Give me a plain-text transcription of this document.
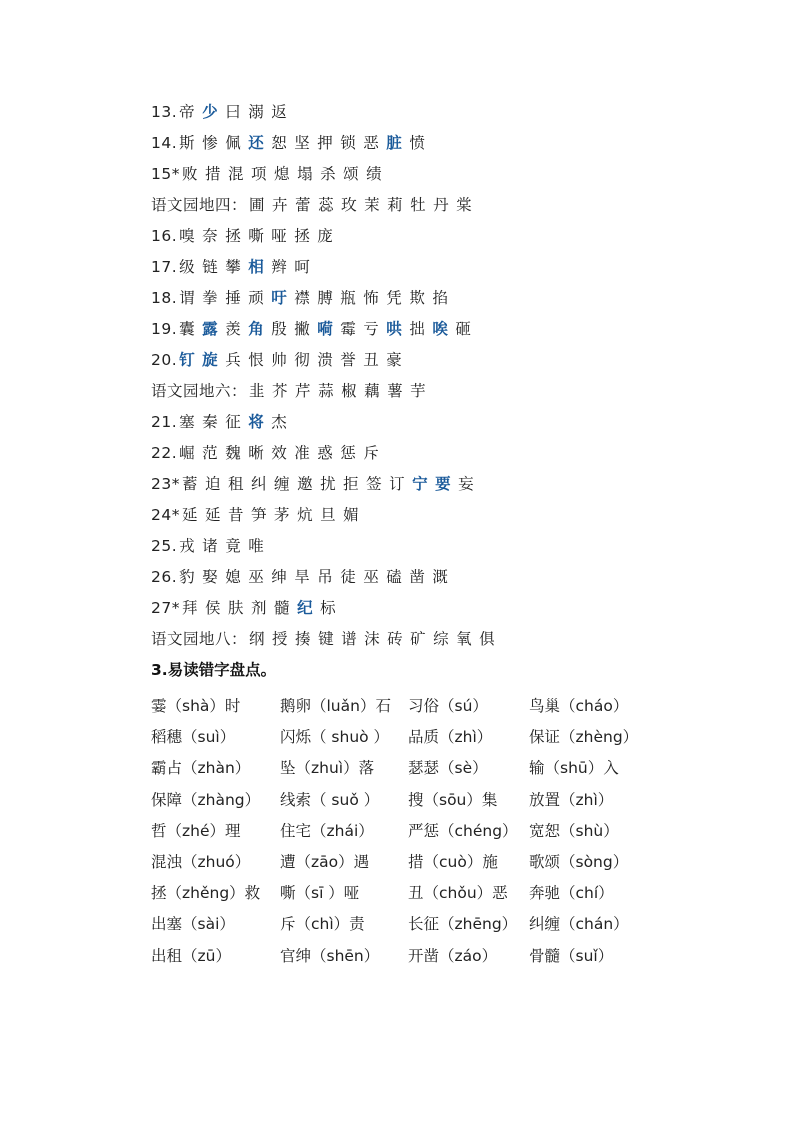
13. 帝 少 曰 溺 返
14. 斯 惨 佩 还 恕 坚 押 锁 恶 脏 愤
15* 败 措 混 项 熄 塌 杀 颂 绩
语文园地四： 圃 卉 蕾 蕊 玫 茉 莉 牡 丹 棠
16. 嗅 奈 拯 嘶 哑 拯 庞
17. 级 链 攀 相 辫 呵
18. 谓 拳 捶 顽 吁 襟 膊 瓶 怖 凭 欺 掐
19. 囊 露 羡 角 殷 撇 嗬 霉 亏 哄 拙 唉 砸
20. 钉 旋 兵 恨 帅 彻 溃 誉 丑 豪
语文园地六： 韭 芥 芹 蒜 椒 藕 薯 芋
21. 塞 秦 征 将 杰
22. 崛 范 魏 晰 效 准 惑 惩 斥
23* 蓄 迫 租 纠 缠 邀 扰 拒 签 订 宁 要 妄
24* 延 延 昔 笋 茅 炕 旦 媚
25. 戎 诸 竟 唯
26. 豹 娶 媳 巫 绅 旱 吊 徒 巫 磕 凿 溉
27* 拜 侯 肤 剂 髓 纪 标
语文园地八： 纲 授 揍 键 谱 沫 砖 矿 综 氧 俱
3.易读错字盘点。
霎（shà）时	鹅卵（luǎn）石 习俗（sú）	鸟巢（cháo）
稻穗（suì）	闪烁（ shuò ） 品质（zhì） 保证（zhèng）
霸占（zhàn） 坠（zhuì）落 瑟瑟（sè）	输（shū）入
保障（zhàng） 线索（ suǒ ） 搜（sōu）集 放置（zhì）
哲（zhé）理	住宅（zhái） 严惩（chéng） 宽恕（shù）
混浊（zhuó） 遭（zāo）遇	措（cuò）施 歌颂（sòng）
拯（zhěng）救 嘶（sī ）哑	丑（chǒu）恶 奔驰（chí）
出塞（sài）	斥（chì）责	长征（zhēng） 纠缠（chán）
出租（zū）	官绅（shēn） 开凿（záo） 骨髓（suǐ）
